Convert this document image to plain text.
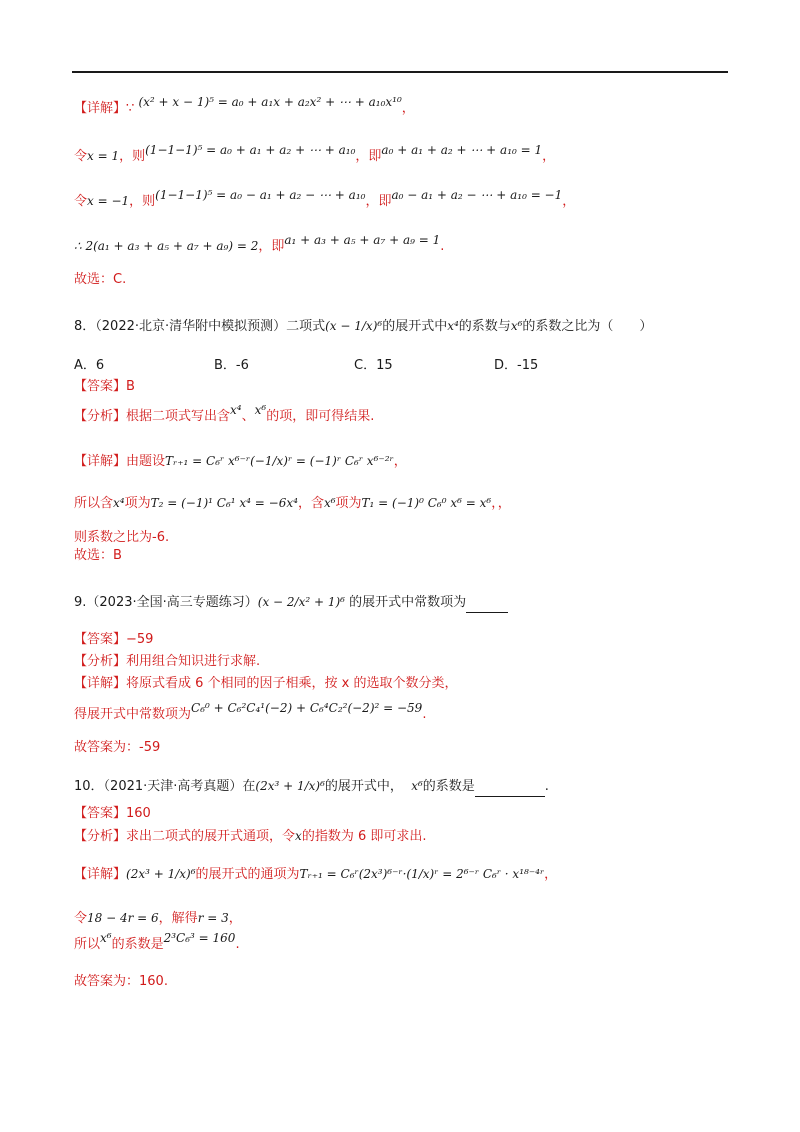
【详解】∵ (x² + x − 1)⁵ = a₀ + a₁x + a₂x² + ⋯ + a₁₀x¹⁰，
令x = 1，则(1−1−1)⁵ = a₀ + a₁ + a₂ + ⋯ + a₁₀，即a₀ + a₁ + a₂ + ⋯ + a₁₀ = 1，
令x = −1，则(1−1−1)⁵ = a₀ − a₁ + a₂ − ⋯ + a₁₀，即a₀ − a₁ + a₂ − ⋯ + a₁₀ = −1，
∴ 2(a₁ + a₃ + a₅ + a₇ + a₉) = 2，即a₁ + a₃ + a₅ + a₇ + a₉ = 1.
故选：C.
8．（2022·北京·清华附中模拟预测）二项式(x − 1/x)⁶的展开式中x⁴的系数与x⁶的系数之比为（　　）
A．6	B．-6	C．15	D．-15
【答案】B
【分析】根据二项式写出含x⁴、x⁶的项，即可得结果.
【详解】由题设Tᵣ₊₁ = C₆ʳ x⁶⁻ʳ(−1/x)ʳ = (−1)ʳ C₆ʳ x⁶⁻²ʳ，
所以含x⁴项为T₂ = (−1)¹ C₆¹ x⁴ = −6x⁴，含x⁶项为T₁ = (−1)⁰ C₆⁰ x⁶ = x⁶，，
则系数之比为-6.
故选：B
9.（2023·全国·高三专题练习）(x − 2/x² + 1)⁶ 的展开式中常数项为
【答案】−59
【分析】利用组合知识进行求解.
【详解】将原式看成 6 个相同的因子相乘，按 x 的选取个数分类，
得展开式中常数项为C₆⁰ + C₆²C₄¹(−2) + C₆⁴C₂²(−2)² = −59.
故答案为：-59
10．（2021·天津·高考真题）在(2x³ + 1/x)⁶的展开式中， x⁶的系数是	.
【答案】160
【分析】求出二项式的展开式通项，令x的指数为 6 即可求出.
【详解】(2x³ + 1/x)⁶的展开式的通项为Tᵣ₊₁ = C₆ʳ(2x³)⁶⁻ʳ·(1/x)ʳ = 2⁶⁻ʳ C₆ʳ · x¹⁸⁻⁴ʳ，
令18 − 4r = 6，解得r = 3，
所以x⁶的系数是2³C₆³ = 160.
故答案为：160.
